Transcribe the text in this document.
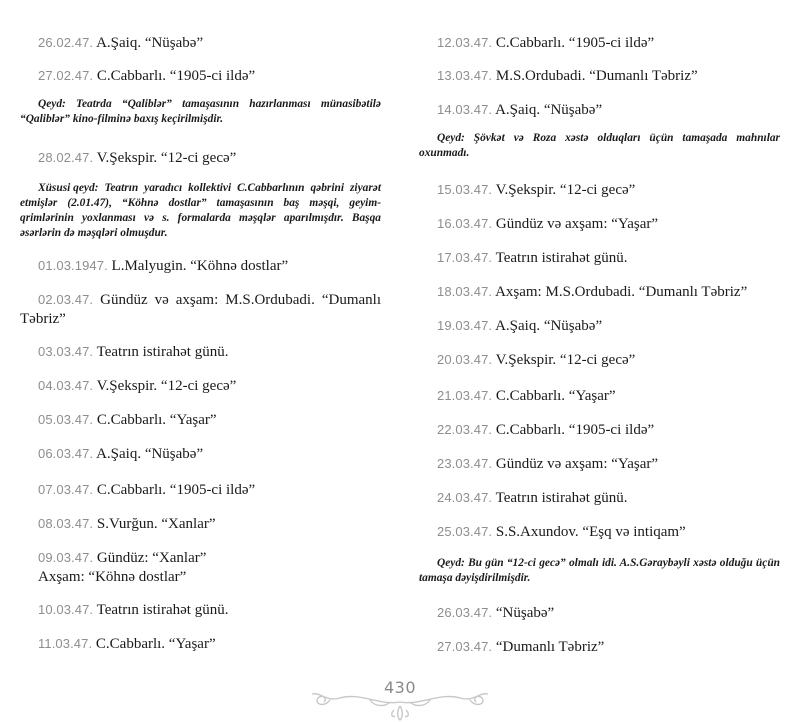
26.02.47. A.Şaiq. “Nüşabə”
27.02.47. C.Cabbarlı. “1905-ci ildə”
Qeyd: Teatrda “Qaliblər” tamaşasının hazırlanması münasibətilə “Qaliblər” kino-filminə baxış keçirilmişdir.
28.02.47. V.Şekspir. “12-ci gecə”
Xüsusi qeyd: Teatrın yaradıcı kollektivi C.Cabbarlının qəbrini ziyarət etmişlər (2.01.47), “Köhnə dostlar” tamaşasının baş məşqi, geyim-qrimlərinin yoxlanması və s. formalarda məşqlər aparılmışdır. Başqa əsərlərin də məşqləri olmuşdur.
01.03.1947. L.Malyugin. “Köhnə dostlar”
02.03.47. Gündüz və axşam: M.S.Ordubadi. “Dumanlı Təbriz”
03.03.47. Teatrın istirahət günü.
04.03.47. V.Şekspir. “12-ci gecə”
05.03.47. C.Cabbarlı. “Yaşar”
06.03.47. A.Şaiq. “Nüşabə”
07.03.47. C.Cabbarlı. “1905-ci ildə”
08.03.47. S.Vurğun. “Xanlar”
09.03.47. Gündüz: “Xanlar”
Axşam: “Köhnə dostlar”
10.03.47. Teatrın istirahət günü.
11.03.47. C.Cabbarlı. “Yaşar”
12.03.47. C.Cabbarlı. “1905-ci ildə”
13.03.47. M.S.Ordubadi. “Dumanlı Təbriz”
14.03.47. A.Şaiq. “Nüşabə”
Qeyd: Şövkət və Roza xəstə olduqları üçün tamaşada mahnılar oxunmadı.
15.03.47. V.Şekspir. “12-ci gecə”
16.03.47. Gündüz və axşam: “Yaşar”
17.03.47. Teatrın istirahət günü.
18.03.47. Axşam: M.S.Ordubadi. “Dumanlı Təbriz”
19.03.47. A.Şaiq. “Nüşabə”
20.03.47. V.Şekspir. “12-ci gecə”
21.03.47. C.Cabbarlı. “Yaşar”
22.03.47. C.Cabbarlı. “1905-ci ildə”
23.03.47. Gündüz və axşam: “Yaşar”
24.03.47. Teatrın istirahət günü.
25.03.47. S.S.Axundov. “Eşq və intiqam”
Qeyd: Bu gün “12-ci gecə” olmalı idi. A.S.Gəraybəyli xəstə olduğu üçün tamaşa dəyişdirilmişdir.
26.03.47. “Nüşabə”
27.03.47. “Dumanlı Təbriz”
430
